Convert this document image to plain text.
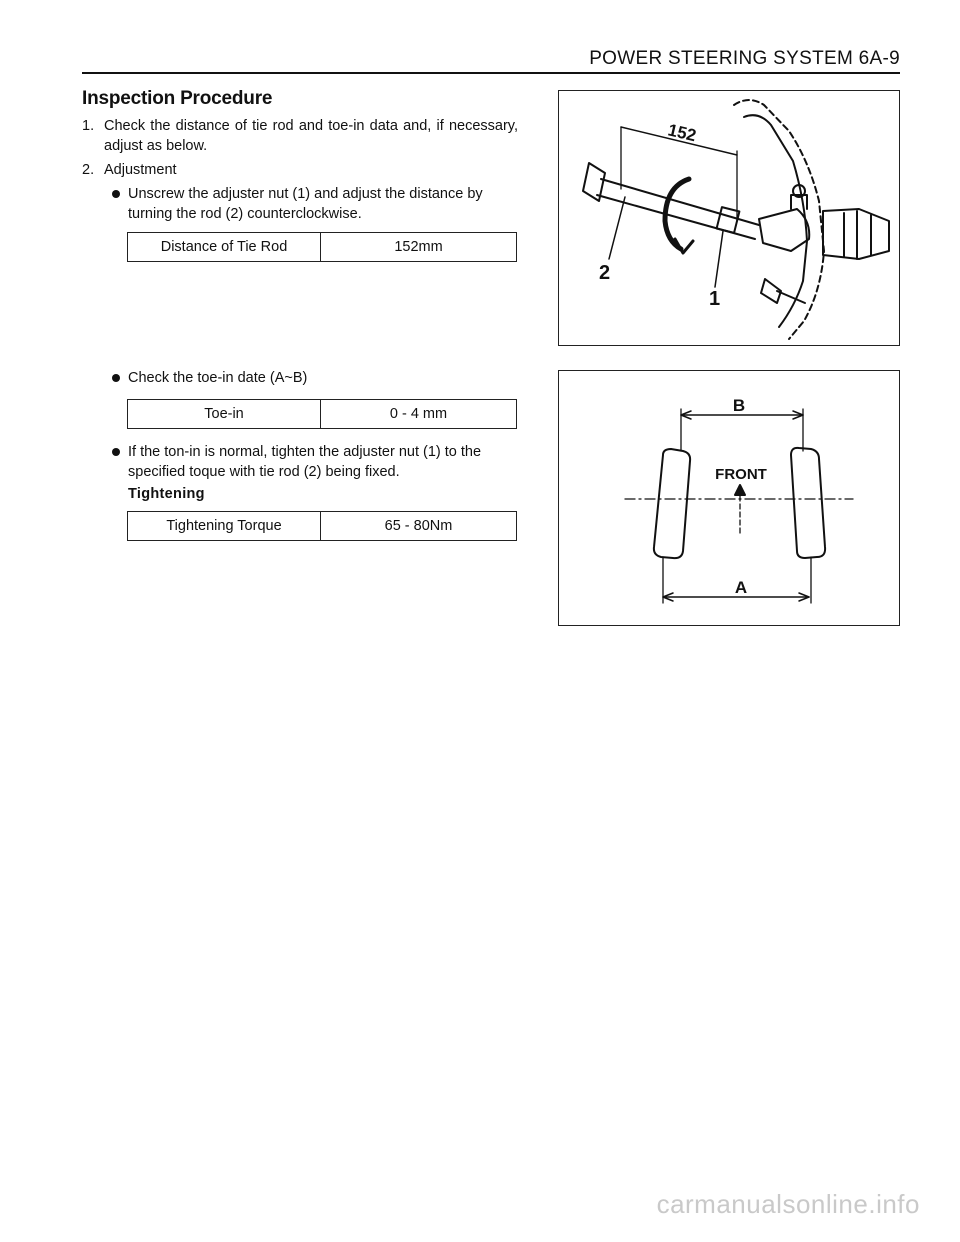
POWER STEERING SYSTEM 6A-9
Inspection Procedure
1. Check the distance of tie rod and toe-in data and, if necessary, adjust as below.
2. Adjustment
Unscrew the adjuster nut (1) and adjust the distance by turning the rod (2) counterclockwise.
Distance of Tie Rod	152mm
Check the toe-in date (A~B)
Toe-in	0 - 4 mm
If the ton-in is normal, tighten the adjuster nut (1) to the specified toque with tie rod (2) being fixed.
Tightening
Tightening Torque	65 - 80Nm
152
2
1
B
FRONT
A
carmanualsonline.info
